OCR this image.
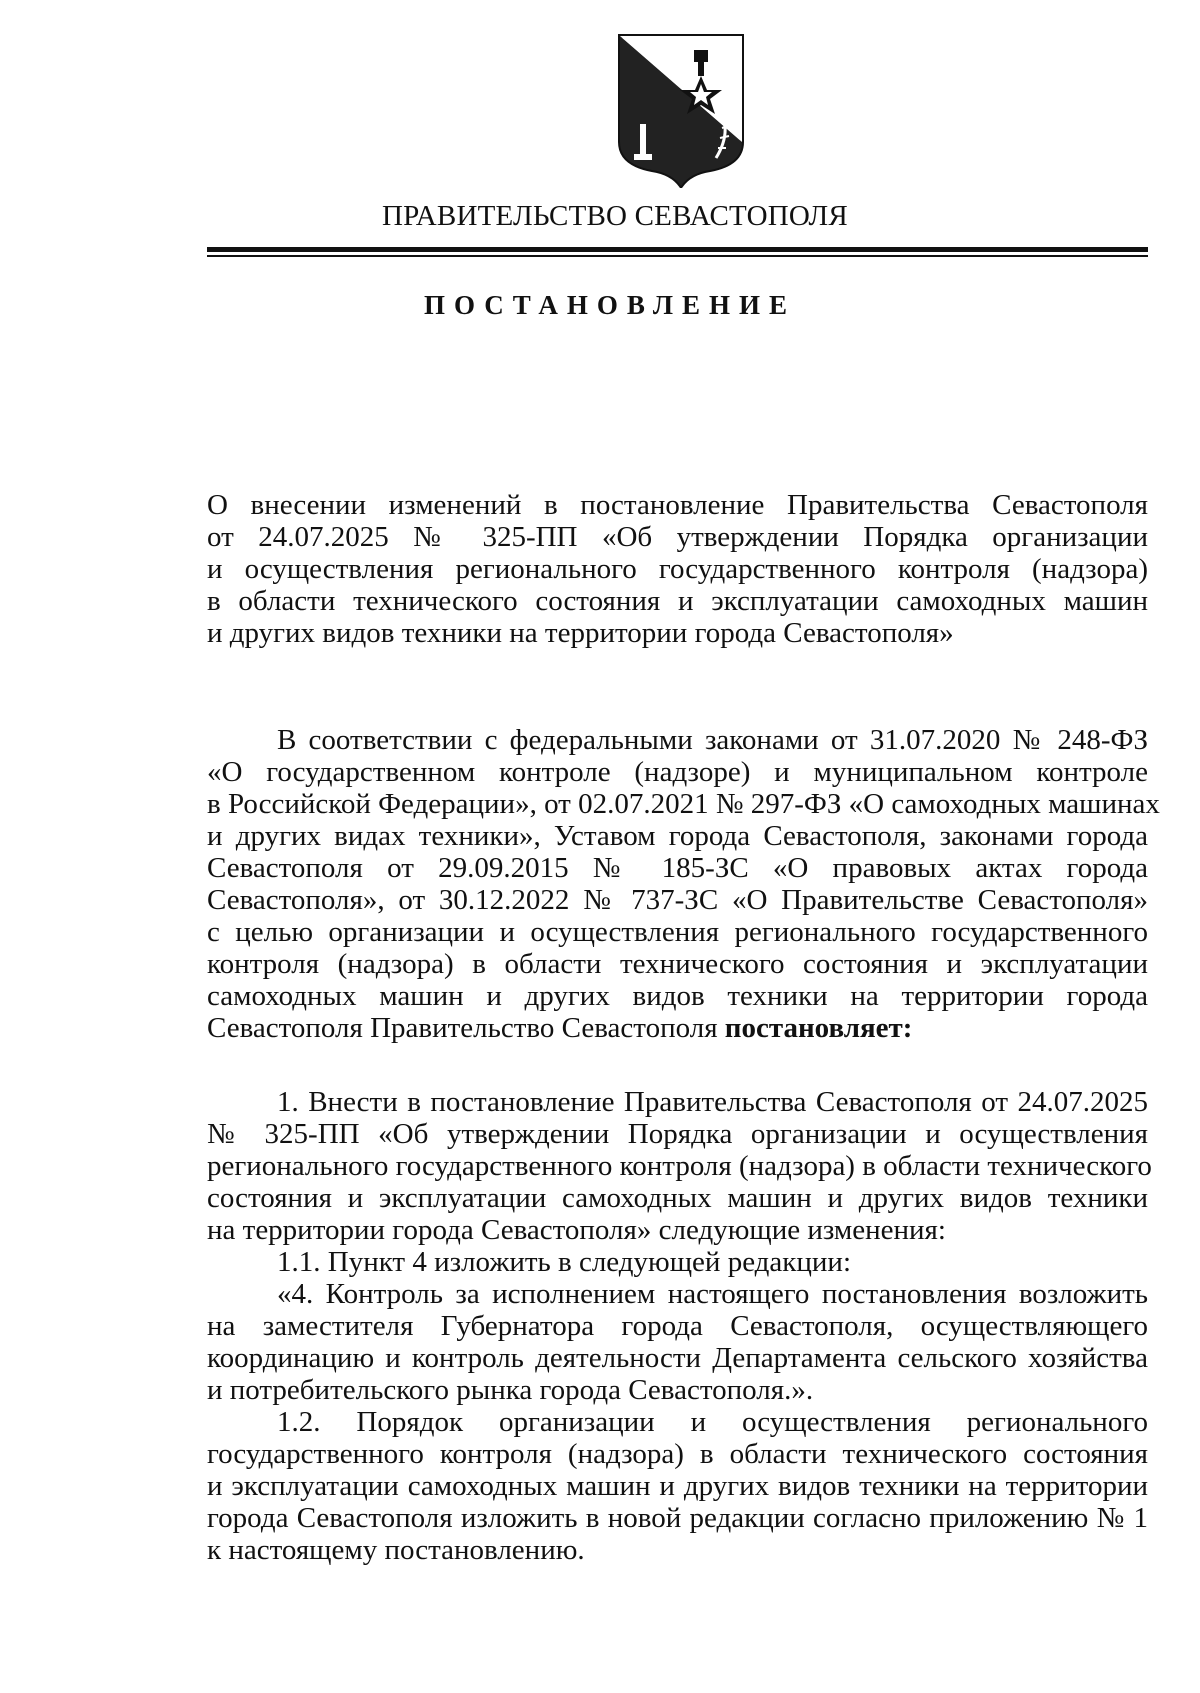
ПРАВИТЕЛЬСТВО СЕВАСТОПОЛЯ
ПОСТАНОВЛЕНИЕ
О внесении изменений в постановление Правительства Севастополя
от 24.07.2025 № 325-ПП «Об утверждении Порядка организации
и осуществления регионального государственного контроля (надзора)
в области технического состояния и эксплуатации самоходных машин
и других видов техники на территории города Севастополя»
В соответствии с федеральными законами от 31.07.2020 № 248-ФЗ
«О государственном контроле (надзоре) и муниципальном контроле
в Российской Федерации», от 02.07.2021 № 297-ФЗ «О самоходных машинах
и других видах техники», Уставом города Севастополя, законами города
Севастополя от 29.09.2015 № 185-ЗС «О правовых актах города
Севастополя», от 30.12.2022 № 737-ЗС «О Правительстве Севастополя»
с целью организации и осуществления регионального государственного
контроля (надзора) в области технического состояния и эксплуатации
самоходных машин и других видов техники на территории города
Севастополя Правительство Севастополя постановляет:
1. Внести в постановление Правительства Севастополя от 24.07.2025
№ 325-ПП «Об утверждении Порядка организации и осуществления
регионального государственного контроля (надзора) в области технического
состояния и эксплуатации самоходных машин и других видов техники
на территории города Севастополя» следующие изменения:
1.1. Пункт 4 изложить в следующей редакции:
«4. Контроль за исполнением настоящего постановления возложить
на заместителя Губернатора города Севастополя, осуществляющего
координацию и контроль деятельности Департамента сельского хозяйства
и потребительского рынка города Севастополя.».
1.2. Порядок организации и осуществления регионального
государственного контроля (надзора) в области технического состояния
и эксплуатации самоходных машин и других видов техники на территории
города Севастополя изложить в новой редакции согласно приложению № 1
к настоящему постановлению.
